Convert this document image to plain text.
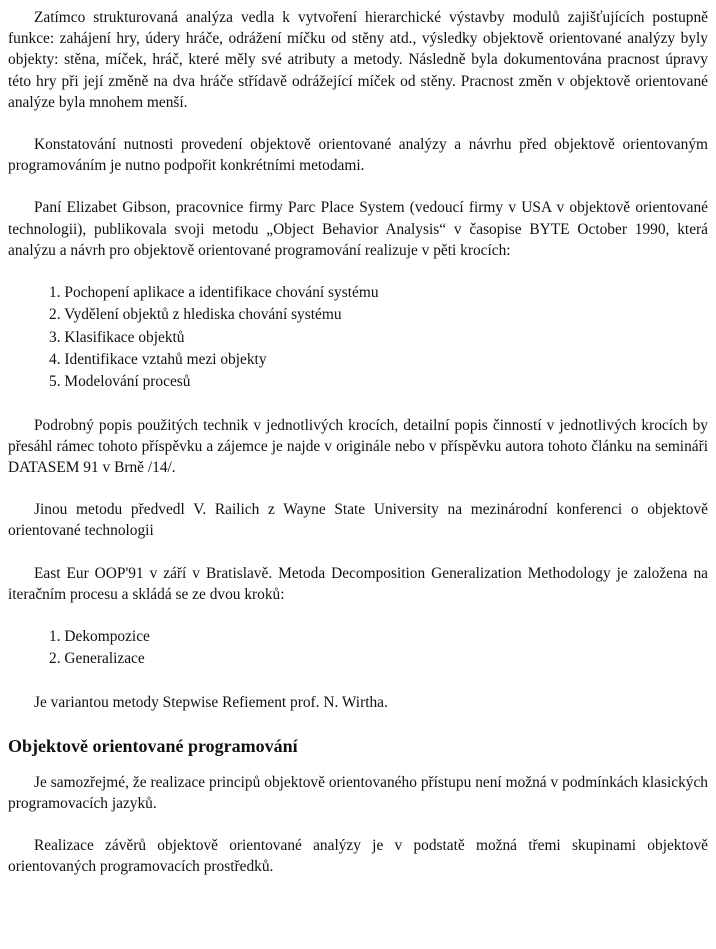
Zatímco strukturovaná analýza vedla k vytvoření hierarchické výstavby modulů zajišťujících postupně funkce: zahájení hry, údery hráče, odrážení míčku od stěny atd., výsledky objektově orientované analýzy byly objekty: stěna, míček, hráč, které měly své atributy a metody. Následně byla dokumentována pracnost úpravy této hry při její změně na dva hráče střídavě odrážející míček od stěny. Pracnost změn v objektově orientované analýze byla mnohem menší.

Konstatování nutnosti provedení objektově orientované analýzy a návrhu před objektově orientovaným programováním je nutno podpořit konkrétními metodami.

Paní Elizabet Gibson, pracovnice firmy Parc Place System (vedoucí firmy v USA v objektově orientované technologii), publikovala svoji metodu „Object Behavior Analysis“ v časopise BYTE October 1990, která analýzu a návrh pro objektově orientované programování realizuje v pěti krocích:

1. Pochopení aplikace a identifikace chování systému
2. Vydělení objektů z hlediska chování systému
3. Klasifikace objektů
4. Identifikace vztahů mezi objekty
5. Modelování procesů

Podrobný popis použitých technik v jednotlivých krocích, detailní popis činností v jednotlivých krocích by přesáhl rámec tohoto příspěvku a zájemce je najde v originále nebo v příspěvku autora tohoto článku na semináři DATASEM 91 v Brně /14/.

Jinou metodu předvedl V. Railich z Wayne State University na mezinárodní konferenci o objektově orientované technologii

East Eur OOP'91 v září v Bratislavě. Metoda Decomposition Generalization Methodology je založena na iteračním procesu a skládá se ze dvou kroků:

1. Dekompozice
2. Generalizace

Je variantou metody Stepwise Refiement prof. N. Wirtha.

Objektově orientované programování

Je samozřejmé, že realizace principů objektově orientovaného přístupu není možná v podmínkách klasických programovacích jazyků.

Realizace závěrů objektově orientované analýzy je v podstatě možná třemi skupinami objektově orientovaných programovacích prostředků.
